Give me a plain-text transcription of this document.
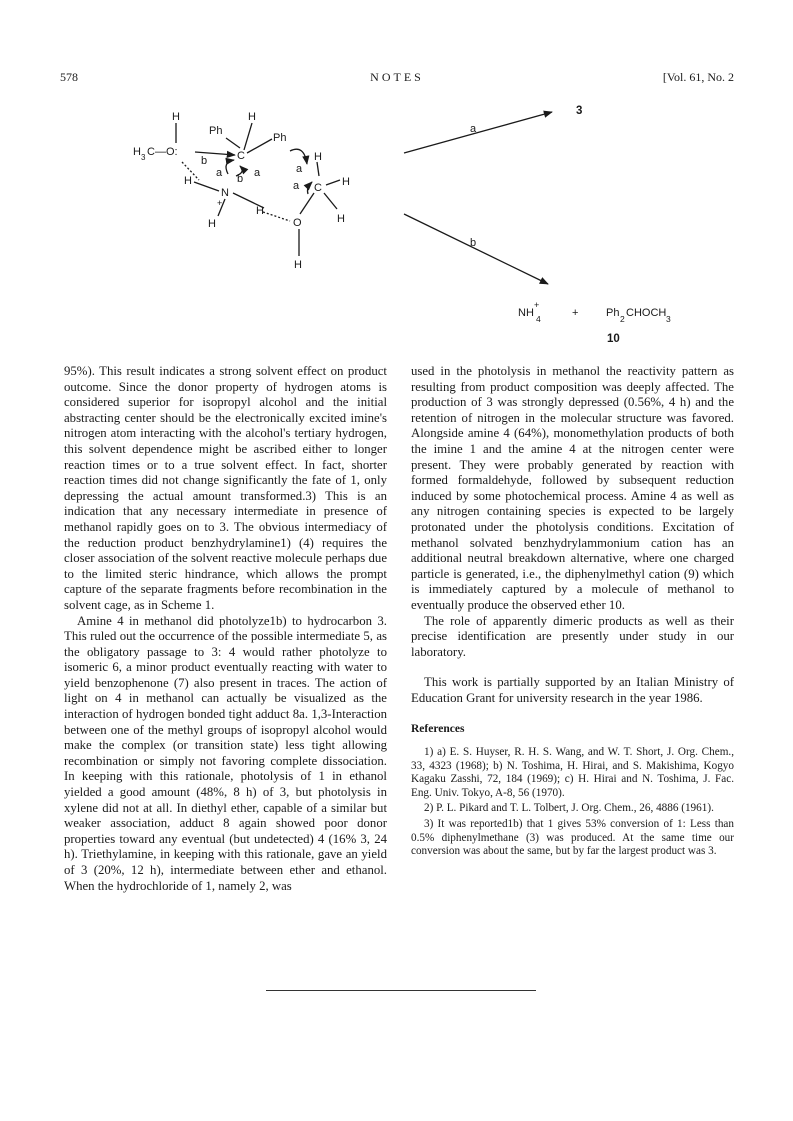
578	NOTES	[Vol. 61, No. 2
H	H
Ph
Ph
H 3 C—O:	C
H
N
+
H
H
O
H
H
C H
H
b
a b a	a
a
a
b
3
10
NH
+
4	+	Ph 2 CHOCH 3

95%). This result indicates a strong solvent effect on product outcome. Since the donor property of hydrogen atoms is considered superior for isopropyl alcohol and the initial abstracting center should be the electronically excited imine's nitrogen atom interacting with the alcohol's tertiary hydrogen, this solvent dependence might be ascribed either to longer reaction times or to a true solvent effect. In fact, shorter reaction times did not change significantly the fate of 1, only depressing the actual amount transformed.3) This is an indication that any necessary intermediate in presence of methanol rapidly goes on to 3. The obvious intermediacy of the reduction product benzhydrylamine1) (4) requires the closer association of the solvent reactive molecule perhaps due to the limited steric hindrance, which allows the prompt capture of the separate fragments before recombination in the solvent cage, as in Scheme 1.

Amine 4 in methanol did photolyze1b) to hydrocarbon 3. This ruled out the occurrence of the possible intermediate 5, as the obligatory passage to 3: 4 would rather photolyze to isomeric 6, a minor product eventually reacting with water to yield benzophenone (7) also present in traces. The action of light on 4 in methanol can actually be visualized as the interaction of hydrogen bonded tight adduct 8a. 1,3-Interaction between one of the methyl groups of isopropyl alcohol would make the complex (or transition state) less tight allowing recombination or simply not favoring complete dissociation. In keeping with this rationale, photolysis of 1 in ethanol yielded a good amount (48%, 8 h) of 3, but photolysis in xylene did not at all. In diethyl ether, capable of a similar but weaker association, adduct 8 again showed poor donor properties toward any eventual (but undetected) 4 (16% 3, 24 h). Triethylamine, in keeping with this rationale, gave an yield of 3 (20%, 12 h), intermediate between ether and ethanol. When the hydrochloride of 1, namely 2, was

used in the photolysis in methanol the reactivity pattern as resulting from product composition was deeply affected. The production of 3 was strongly depressed (0.56%, 4 h) and the retention of nitrogen in the molecular structure was favored. Alongside amine 4 (64%), monomethylation products of both the imine 1 and the amine 4 at the nitrogen center were present. They were probably generated by reaction with formed formaldehyde, followed by subsequent reduction induced by some photochemical process. Amine 4 as well as any nitrogen containing species is expected to be largely protonated under the photolysis conditions. Excitation of methanol solvated benzhydrylammonium cation has an additional neutral breakdown alternative, where one charged particle is generated, i.e., the diphenylmethyl cation (9) which is immediately captured by a molecule of methanol to eventually produce the observed ether 10.

The role of apparently dimeric products as well as their precise identification are presently under study in our laboratory.

This work is partially supported by an Italian Ministry of Education Grant for university research in the year 1986.

References

1) a) E. S. Huyser, R. H. S. Wang, and W. T. Short, J. Org. Chem., 33, 4323 (1968); b) N. Toshima, H. Hirai, and S. Makishima, Kogyo Kagaku Zasshi, 72, 184 (1969); c) H. Hirai and N. Toshima, J. Fac. Eng. Univ. Tokyo, A-8, 56 (1970).

2) P. L. Pikard and T. L. Tolbert, J. Org. Chem., 26, 4886 (1961).

3) It was reported1b) that 1 gives 53% conversion of 1: Less than 0.5% diphenylmethane (3) was produced. At the same time our conversion was about the same, but by far the largest product was 3.
